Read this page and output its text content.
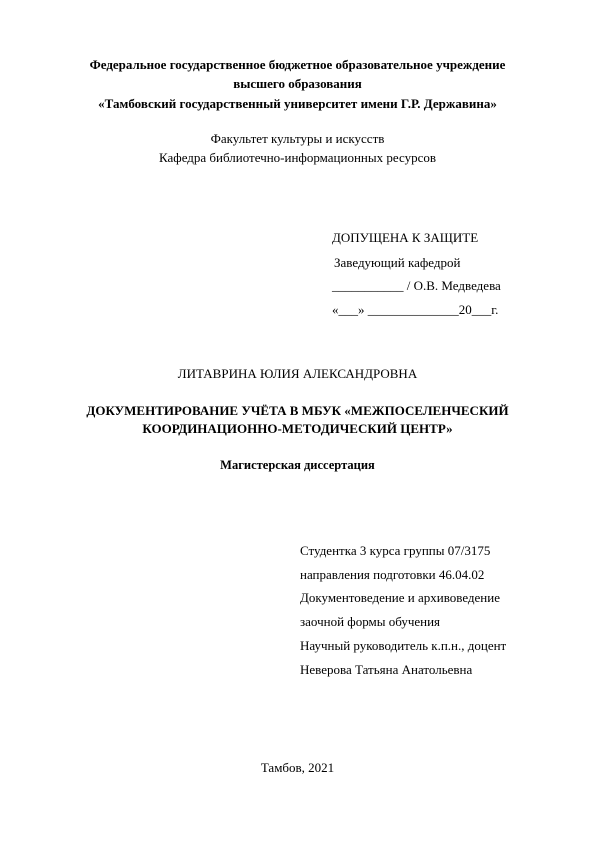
Федеральное государственное бюджетное образовательное учреждение
высшего образования
«Тамбовский государственный университет имени Г.Р. Державина»
Факультет культуры и искусств
Кафедра библиотечно-информационных ресурсов
ДОПУЩЕНА К ЗАЩИТЕ
Заведующий кафедрой
___________ / О.В. Медведева
«___» ______________20___г.
ЛИТАВРИНА ЮЛИЯ АЛЕКСАНДРОВНА
ДОКУМЕНТИРОВАНИЕ УЧЁТА В МБУК «МЕЖПОСЕЛЕНЧЕСКИЙ
КООРДИНАЦИОННО-МЕТОДИЧЕСКИЙ ЦЕНТР»
Магистерская диссертация
Студентка 3 курса группы 07/3175
направления подготовки 46.04.02
Документоведение и архивоведение
заочной формы обучения
Научный руководитель к.п.н., доцент
Неверова Татьяна Анатольевна
Тамбов, 2021
